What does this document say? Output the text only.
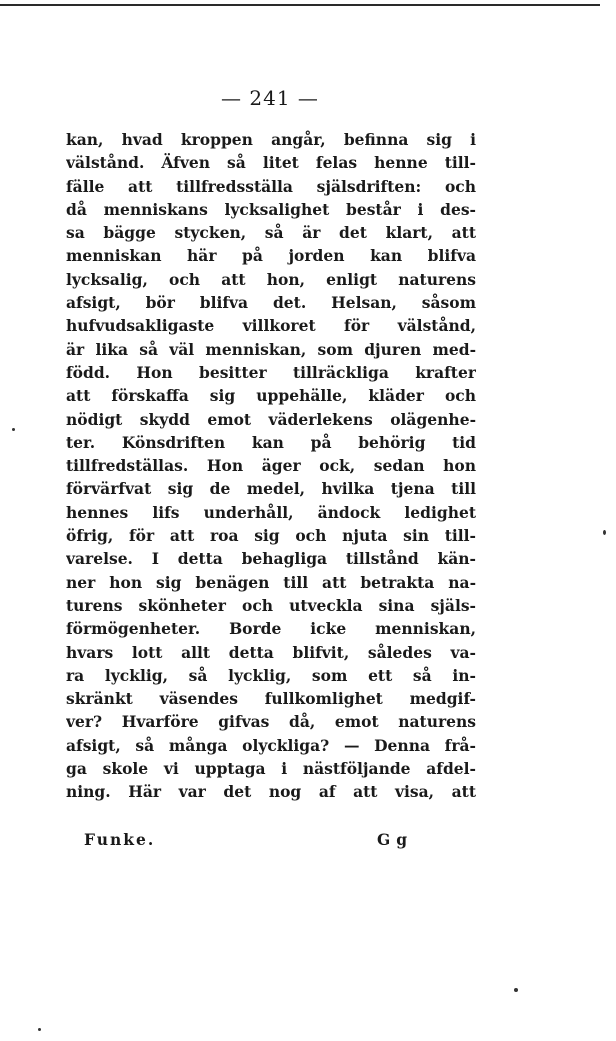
— 241 —
kan, hvad kroppen angår, befinna sig i
välstånd. Äfven så litet felas henne till-
fälle att tillfredsställa själsdriften: och
då menniskans lycksalighet består i des-
sa bägge stycken, så är det klart, att
menniskan här på jorden kan blifva
lycksalig, och att hon, enligt naturens
afsigt, bör blifva det. Helsan, såsom
hufvudsakligaste villkoret för välstånd,
är lika så väl menniskan, som djuren med-
född. Hon besitter tillräckliga krafter
att förskaffa sig uppehälle, kläder och
nödigt skydd emot väderlekens olägenhe-
ter. Könsdriften kan på behörig tid
tillfredställas. Hon äger ock, sedan hon
förvärfvat sig de medel, hvilka tjena till
hennes lifs underhåll, ändock ledighet
öfrig, för att roa sig och njuta sin till-
varelse. I detta behagliga tillstånd kän-
ner hon sig benägen till att betrakta na-
turens skönheter och utveckla sina själs-
förmögenheter. Borde icke menniskan,
hvars lott allt detta blifvit, således va-
ra lycklig, så lycklig, som ett så in-
skränkt väsendes fullkomlighet medgif-
ver? Hvarföre gifvas då, emot naturens
afsigt, så många olyckliga? — Denna frå-
ga skole vi upptaga i nästföljande afdel-
ning. Här var det nog af att visa, att
Funke.	Gg
